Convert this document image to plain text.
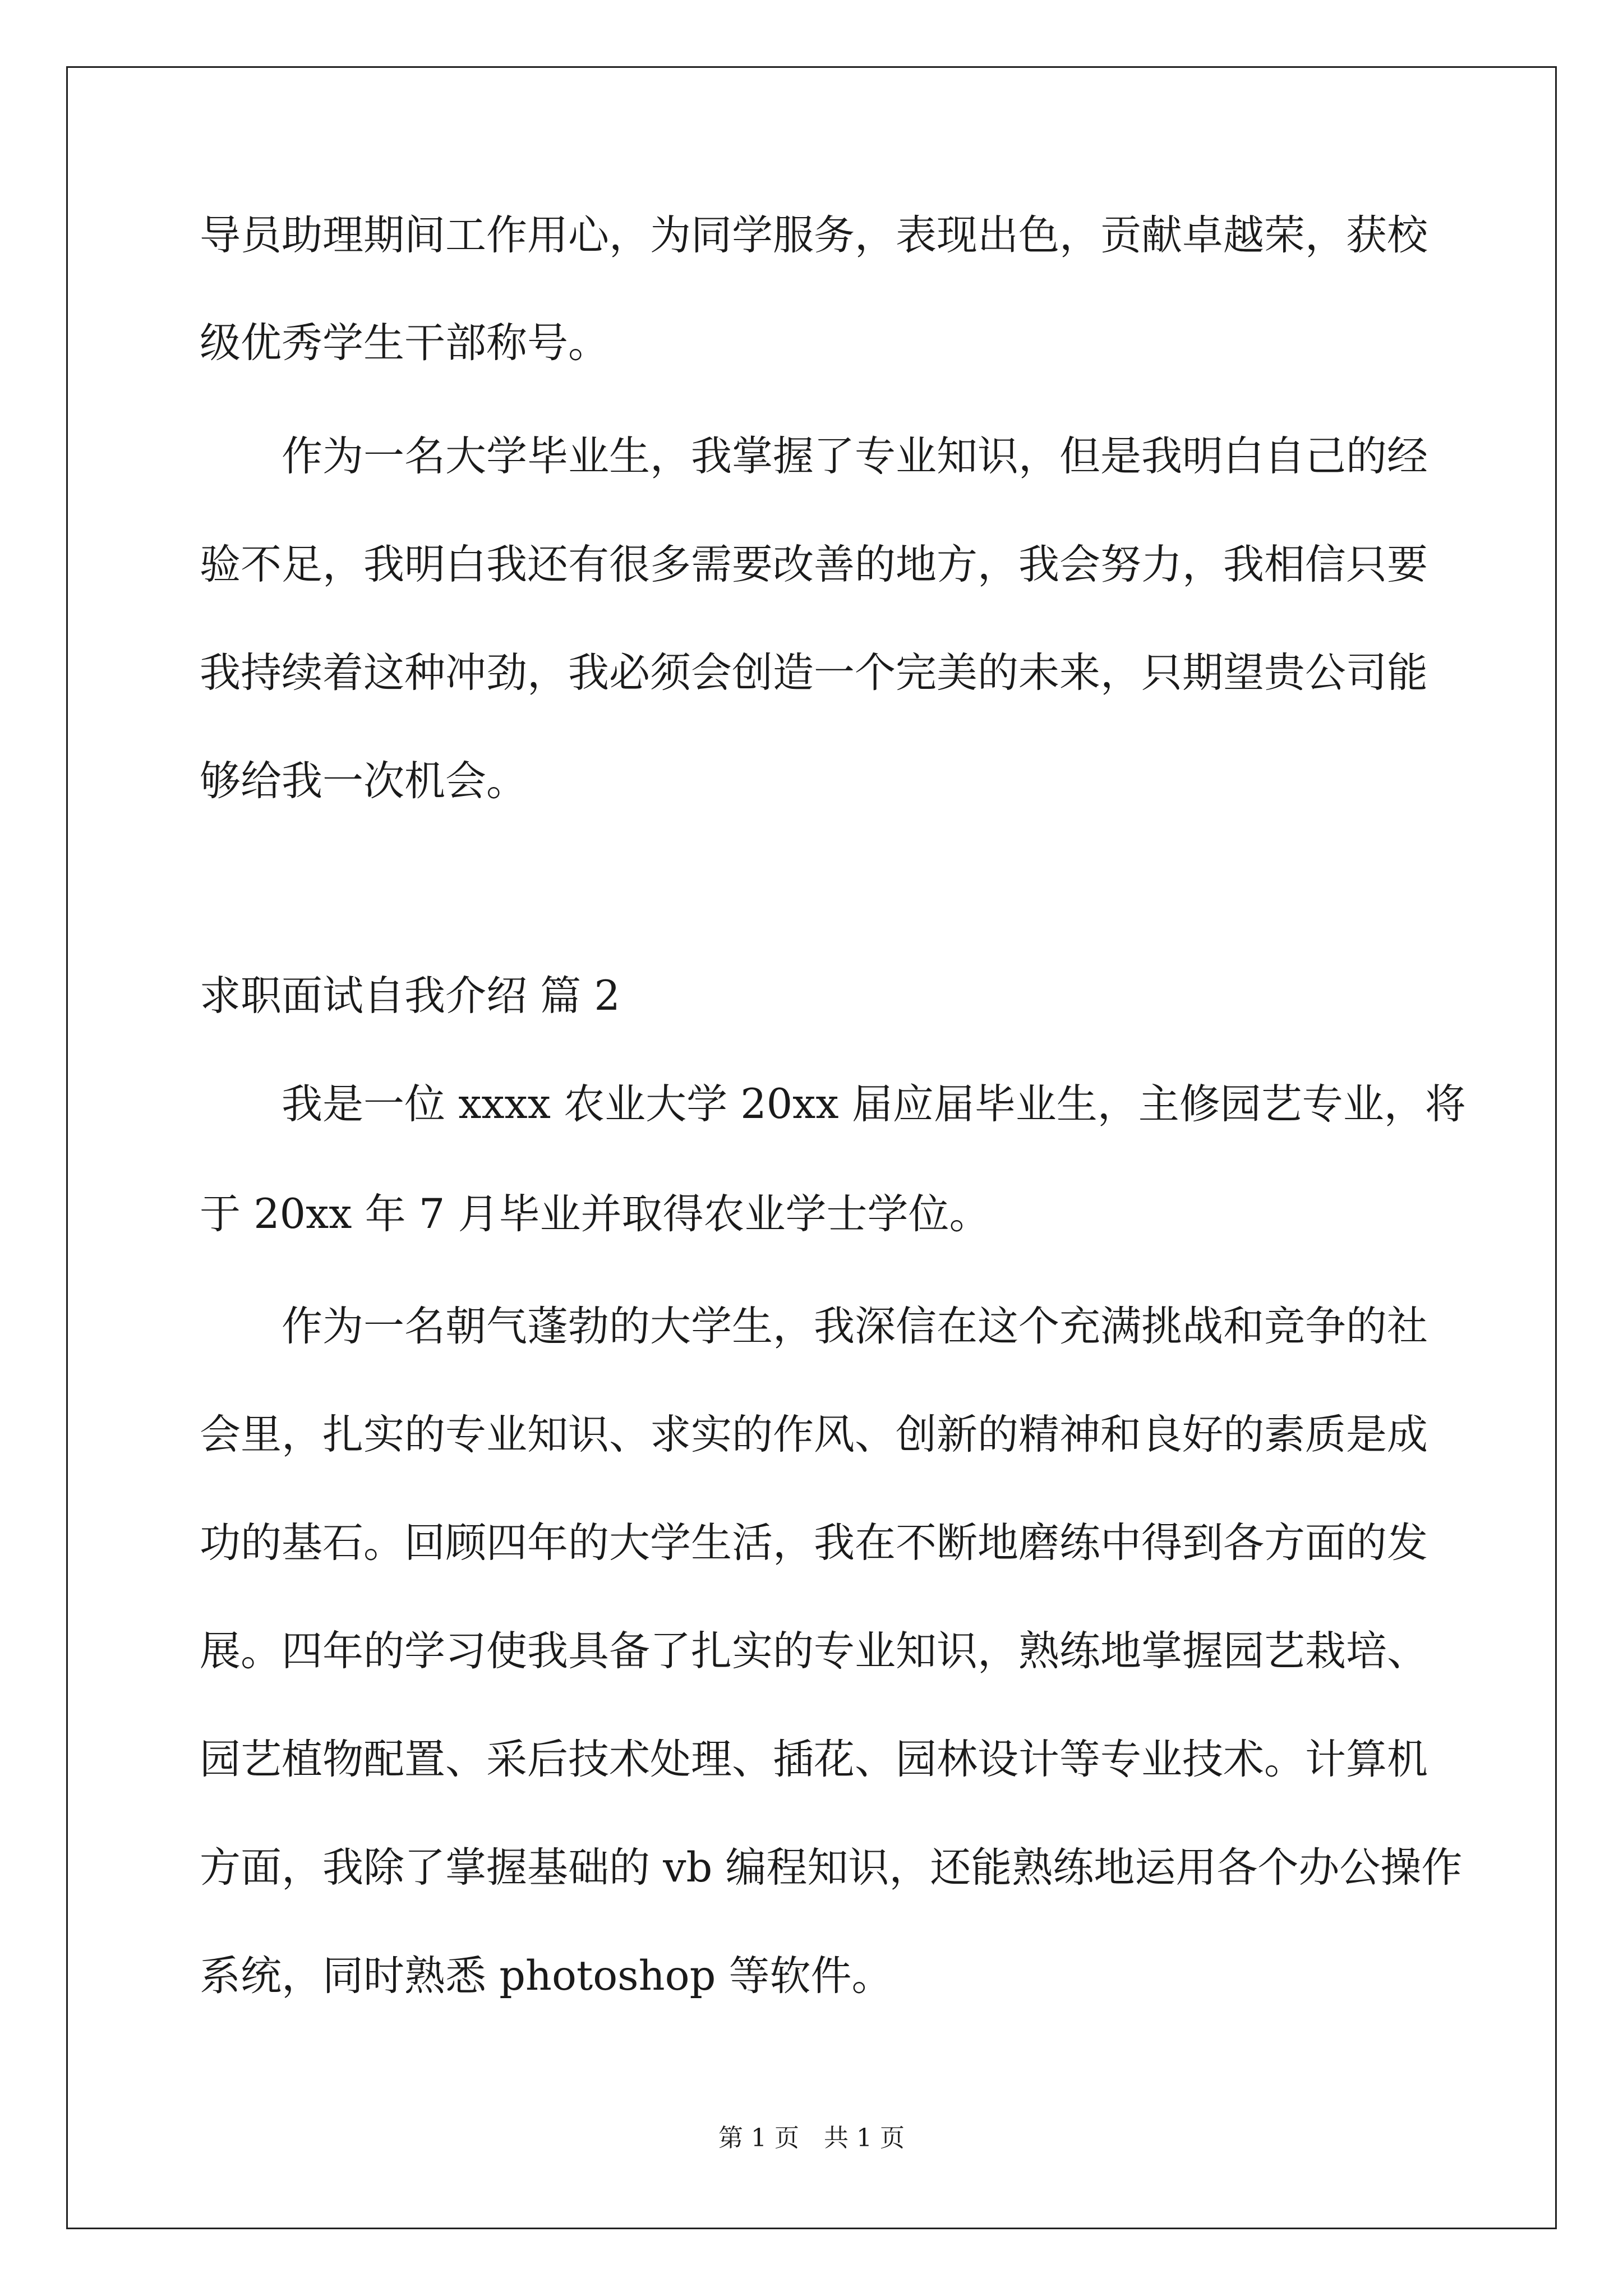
导员助理期间工作用心，为同学服务，表现出色，贡献卓越荣，获校
级优秀学生干部称号。
作为一名大学毕业生，我掌握了专业知识，但是我明白自己的经
验不足，我明白我还有很多需要改善的地方，我会努力，我相信只要
我持续着这种冲劲，我必须会创造一个完美的未来，只期望贵公司能
够给我一次机会。
求职面试自我介绍 篇 2
我是一位 xxxx 农业大学 20xx 届应届毕业生，主修园艺专业，将
于 20xx 年 7 月毕业并取得农业学士学位。
作为一名朝气蓬勃的大学生，我深信在这个充满挑战和竞争的社
会里，扎实的专业知识、求实的作风、创新的精神和良好的素质是成
功的基石。回顾四年的大学生活，我在不断地磨练中得到各方面的发
展。四年的学习使我具备了扎实的专业知识，熟练地掌握园艺栽培、
园艺植物配置、采后技术处理、插花、园林设计等专业技术。计算机
方面，我除了掌握基础的 vb 编程知识，还能熟练地运用各个办公操作
系统，同时熟悉 photoshop 等软件。
第 1 页　共 1 页
